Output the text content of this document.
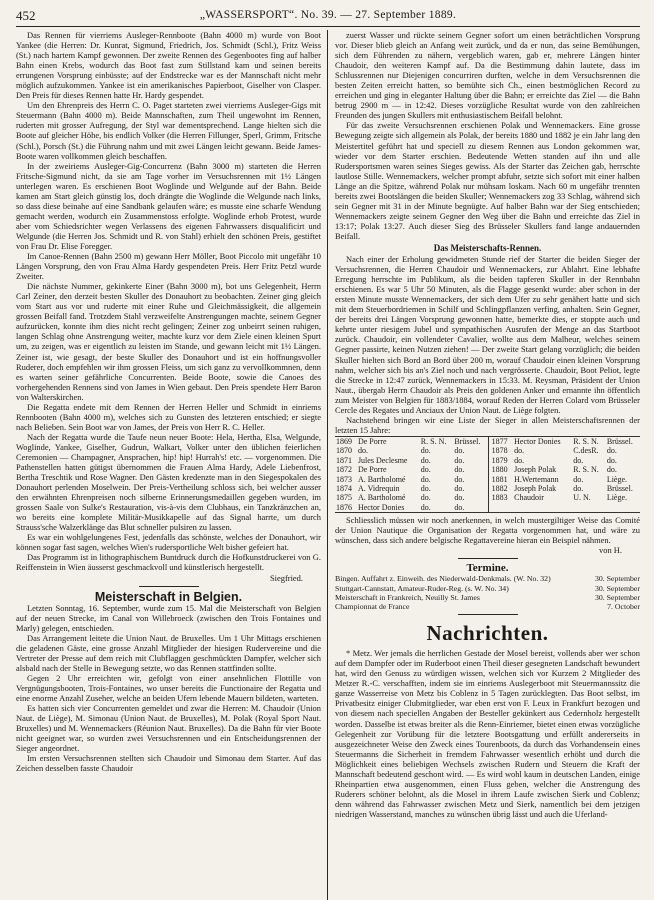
452	„WASSERSPORT“. No. 39. — 27. September 1889.

Das Rennen für vierriems Ausleger-Rennboote (Bahn 4000 m) wurde von Boot Yankee (die Herren: Dr. Kunrat, Sigmund, Friedrich, Jos. Schmidt (Schl.), Fritz Weiss (St.) nach hartem Kampf gewonnen. Der zweite Rennen des Gegenbootes fing auf halber Bahn einen Krebs, wodurch das Boot fast zum Stillstand kam und seinen bereits errungenen Vorsprung einbüsste; auf der Endstrecke war es der Mannschaft nicht mehr möglich aufzukommen. Yankee ist ein amerikanisches Papierboot, Giselher von Clasper. Den Preis für dieses Rennen hatte Hr. Hardy gespendet.

Um den Ehrenpreis des Herrn C. O. Paget starteten zwei vierriems Ausleger-Gigs mit Steuermann (Bahn 4000 m). Beide Mannschaften, zum Theil ungewohnt im Rennen, ruderten mit grosser Aufregung, der Styl war dementsprechend. Lange hielten sich die Boote auf gleicher Höhe, bis endlich Volker (die Herren Fillunger, Sperl, Grimm, Fritsche (Schl.), Porsch (St.) die Führung nahm und mit zwei Längen leicht gewann. Beide James-Boote waren vollkommen gleich beschaffen.

In der zweiriems Ausleger-Gig-Concurrenz (Bahn 3000 m) starteten die Herren Fritsche-Sigmund nicht, da sie am Tage vorher im Versuchsrennen mit 1½ Längen unterlegen waren. Es erschienen Boot Woglinde und Welgunde auf der Bahn. Beide kamen am Start gleich günstig los, doch drängte die Woglinde die Welgunde nach links, so dass diese beinahe auf eine Sandbank gelaufen wäre; es musste eine scharfe Wendung gemacht werden, wodurch ein Zusammenstoss erfolgte. Woglinde erhob Protest, wurde aber vom Schiedsrichter wegen Verlassens des eigenen Fahrwassers disqualificirt und Welgunde (die Herren Jos. Schmidt und R. von Stahl) erhielt den schönen Preis, gestiftet von Frau Dr. Elise Foregger.

Im Canoe-Rennen (Bahn 2500 m) gewann Herr Möller, Boot Piccolo mit ungefähr 10 Längen Vorsprung, den von Frau Alma Hardy gespendeten Preis. Herr Fritz Petzl wurde Zweiter.

Die nächste Nummer, gekinkerte Einer (Bahn 3000 m), bot uns Gelegenheit, Herrn Carl Zeiner, den derzeit besten Skuller des Donauhort zu beobachten. Zeiner ging gleich vom Start aus vor und ruderte mit einer Ruhe und Gleichmässigkeit, die allgemein grossen Beifall fand. Trotzdem Stahl verzweifelte Anstrengungen machte, seinem Gegner aufzurücken, konnte ihm dies nicht recht gelingen; Zeiner zog unbeirrt seinen ruhigen, langen Schlag ohne Anstrengung weiter, machte kurz vor dem Ziele einen kleinen Spurt um, zu zeigen, was er eigentlich zu leisten im Stande, und gewann leicht mit 1½ Längen. Zeiner ist, wie gesagt, der beste Skuller des Donauhort und ist ein hoffnungsvoller Ruderer, doch empfehlen wir ihm grossen Fleiss, um sich ganz zu vervollkommnen, denn es warten seiner gefährliche Concurrenten. Beide Boote, sowie die Canoes des vorhergehenden Rennens sind von James in Wien gebaut. Den Preis spendete Herr Baron von Walterskirchen.

Die Regatta endete mit dem Rennen der Herren Heller und Schmidt in einriems Rennbooten (Bahn 4000 m), welches sich zu Gunsten des letzteren entschied; er siegte nach Belieben. Sein Boot war von James, der Preis von Herr R. C. Heller.

Nach der Regatta wurde die Taufe neun neuer Boote: Hela, Hertha, Elsa, Welgunde, Woglinde, Yankee, Giselher, Gudrun, Walkart, Volker unter den üblichen feierlichen Ceremonien — Champagner, Ansprachen, hip! hip! Hurrah's! etc. — vorgenommen. Die Pathenstellen hatten gütigst übernommen die Frauen Alma Hardy, Adele Liebenfrost, Bertha Treschtik und Rose Wagner. Den Gästen kredenzte man in den Siegespokalen des Donauhort perlenden Moselwein. Der Preis-Vertheilung schloss sich, bei welcher ausser den erwähnten Ehrenpreisen noch silberne Erinnerungsmedaillen gegeben wurden, im grossen Saale von Sulke's Restauration, vis-à-vis dem Clubhaus, ein Tanzkränzchen an, wo bereits eine komplete Militär-Musikkapelle auf das Signal harrte, um durch Strauss'sche Walzerklänge das Blut schneller pulsiren zu lassen.

Es war ein wohlgelungenes Fest, jedenfalls das schönste, welches der Donauhort, wir können sogar fast sagen, welches Wien's rudersportliche Welt bisher gefeiert hat.

Das Programm ist in lithographischem Buntdruck durch die Hofkunstdruckerei von G. Reiffenstein in Wien äusserst geschmackvoll und künstlerisch hergestellt.

Siegfried.

Meisterschaft in Belgien.

Letzten Sonntag, 16. September, wurde zum 15. Mal die Meisterschaft von Belgien auf der neuen Strecke, im Canal von Willebroeck (zwischen den Trois Fontaines und Marly) gelegen, entschieden.

Das Arrangement leitete die Union Naut. de Bruxelles. Um 1 Uhr Mittags erschienen die geladenen Gäste, eine grosse Anzahl Mitglieder der hiesigen Rudervereine und die Vertreter der Presse auf dem reich mit Clubflaggen geschmückten Dampfer, welcher sich alsbald nach der Stelle in Bewegung setzte, wo das Rennen stattfinden sollte.

Gegen 2 Uhr erreichten wir, gefolgt von einer ansehnlichen Flottille von Vergnügungsbooten, Trois-Fontaines, wo unser bereits die Functionaire der Regatta und eine enorme Anzahl Zuseher, welche an beiden Ufern lebende Mauern bildeten, warteten.

Es hatten sich vier Concurrenten gemeldet und zwar die Herren: M. Chaudoir (Union Naut. de Liège), M. Simonau (Union Naut. de Bruxelles), M. Polak (Royal Sport Naut. Bruxelles) und M. Wennemackers (Réunion Naut. Bruxelles). Da die Bahn für vier Boote nicht geeignet war, so wurden zwei Versuchsrennen und ein Entscheidungsrennen der Sieger angeordnet.

Im ersten Versuchsrennen stellten sich Chaudoir und Simonau dem Starter. Auf das Zeichen desselben fasste Chaudoir

zuerst Wasser und rückte seinem Gegner sofort um einen beträchtlichen Vorsprung vor. Dieser blieb gleich an Anfang weit zurück, und da er nun, das seine Bemühungen, sich dem Führenden zu nähern, vergeblich waren, gab er, mehrere Längen hinter Chaudoir, den weiteren Kampf auf. Da die Bestimmung dahin lautete, dass im Schlussrennen nur Diejenigen concurriren durften, welche in dem Versuchsrennen die besten Zeiten erreicht hatten, so bemühte sich Ch., einen bestmöglichen Record zu erreichen und ging in eleganter Haltung über die Bahn; er erreichte das Ziel — die Bahn betrug 2900 m — in 12:42. Dieses vorzügliche Resultat wurde von den zahlreichen Freunden des jungen Skullers mit enthusiastischem Beifall belohnt.

Für das zweite Versuchsrennen erschienen Polak und Wennemackers. Eine grosse Bewegung zeigte sich allgemein als Polak, der bereits 1880 und 1882 je ein Jahr lang den Meistertitel geführt hat und speciell zu diesem Rennen aus London gekommen war, wieder vor dem Starter erschien. Bedeutende Wetten standen auf ihn und alle Rudersportsmen waren seines Sieges gewiss. Als der Starter das Zeichen gab, herrschte lautlose Stille. Wennemackers, welcher prompt abfuhr, setzte sich sofort mit einer halben Länge an die Spitze, während Polak nur mühsam loskam. Nach 60 m ungefähr trennten bereits zwei Bootslängen die beiden Skuller; Wennemackers zog 33 Schlag, während sich sein Gegner mit 31 in der Minute begnügte. Auf halber Bahn war der Sieg entschieden; Wennemackers zeigte seinem Gegner den Weg über die Bahn und erreichte das Ziel in 13:17; Polak 13:27. Auch dieser Sieg des Brüsseler Skullers fand lange andauernden Beifall.

Das Meisterschafts-Rennen.

Nach einer der Erholung gewidmeten Stunde rief der Starter die beiden Sieger der Versuchsrennen, die Herren Chaudoir und Wennemackers, zur Ablahrt. Eine lebhafte Erregung herrschte im Publikum, als die beiden tapferen Skuller in der Rennbahn erschienen. Es war 5 Uhr 50 Minuten, als die Flagge gesenkt wurde: aber schon in der ersten Minute musste Wennemackers, der sich dem Ufer zu sehr genähert hatte und sich mit dem Steuerbordriemen in Schilf und Schlingpflanzen verfing, anhalten. Sein Gegner, der bereits drei Längen Vorsprung gewonnen hatte, bemerkte dies, er stoppte auch und kehrte unter riesigem Jubel und sympathischen Ausrufen der Menge an das Startboot zurück. Chaudoir, ein vollendeter Cavalier, wollte aus dem Malheur, welches seinem Gegner passirte, keinen Nutzen ziehen! — Der zweite Start gelang vorzüglich; die beiden Skuller hielten sich Bord an Bord über 200 m, worauf Chaudoir einen kleinen Vorsprung nahm, welcher sich bis an's Ziel noch und nach vergrösserte. Chaudoir, Boot Peliot, legte die Strecke in 12:47 zurück, Wennemackers in 15:33. M. Reysman, Präsident der Union Naut., übergab Herrn Chaudoir als Preis den goldenen Anker und ernannte ihn öffentlich zum Meister von Belgien für 1883/1884, worauf Reden der Herren Colard vom Brüsseler Cercle des Regates und Anciaux der Union Naut. de Liège folgten.

Nachstehend bringen wir eine Liste der Sieger in allen Meisterschaftsrennen der letzten 15 Jahre:

1869	De Porre	R. S. N.	Brüssel.	1877	Hector Donies	R. S. N.	Brüssel.
1870	do.	do.	do.	1878	do.	C.desR.	do.
1871	Jules Declesme	do.	do.	1879	do.	do.	do.
1872	De Porre	do.	do.	1880	Joseph Polak	R. S. N.	do.
1873	A. Bartholomé	do.	do.	1881	H.Wertemann	do.	Liège.
1874	A. Vidrequin	do.	do.	1882	Joseph Polak	do.	Brüssel.
1875	A. Bartholomé	do.	do.	1883	Chaudoir	U. N.	Liège.
1876	Hector Donies	do.	do.				

Schliesslich müssen wir noch anerkennen, in welch mustergiltiger Weise das Comité der Union Nautique die Organisation der Regatta vorgenommen hat, und wäre zu wünschen, dass sich andere belgische Regattavereine hieran ein Beispiel nähmen.

von H.

Termine.
Bingen. Auffahrt z. Einweih. des Niederwald-Denkmals. (W. No. 32)	30. September
Stuttgart-Cannstatt, Amateur-Ruder-Reg. (s. W. No. 34)	30. September
Meisterschaft in Frankreich, Neuilly St. James	30. September
Championnat de France	7. October
Nachrichten.

* Metz. Wer jemals die herrlichen Gestade der Mosel bereist, vollends aber wer schon auf dem Dampfer oder im Ruderboot einen Theil dieser gesegneten Landschaft bewundert hat, wird den Genuss zu würdigen wissen, welchen sich vor Kurzem 2 Mitglieder des Metzer R.-C. verschafften, indem sie im einriems Auslegerboot mit Steuermannssitz die ganze Wasserreise von Metz bis Coblenz in 5 Tagen zurücklegten. Das Boot selbst, im Privatbesitz einiger Clubmitglieder, war eben erst von F. Leux in Frankfurt bezogen und von diesem nach speciellen Angaben der Besteller gekünkert aus Cedernholz hergestellt worden. Dasselbe ist etwas breiter als die Renn-Einriemer, bietet einen etwas vorzügliche Gelegenheit zur Vorübung für die letztere Bootsgattung und erfüllt andererseits in ausgezeichneter Weise den Zweck eines Tourenboots, da durch das Vorhandensein eines Steuermanns die Sicherheit in fremdem Fahrwasser wesentlich erhöht und durch die Möglichkeit eines beliebigen Wechsels zwischen Rudern und Steuern die Kraft der Mannschaft bedeutend geschont wird. — Es wird wohl kaum in deutschen Landen, einige Rheinpartien etwa ausgenommen, einen Fluss geben, welcher die Anstrengung des Ruderers schöner belohnt, als die Mosel in ihrem Laufe zwischen Sierk und Coblenz; denn während das Fahrwasser zwischen Metz und Sierk, namentlich bei dem jetzigen niedrigen Wasserstand, manches zu wünschen übrig lässt und auch die Uferland-
